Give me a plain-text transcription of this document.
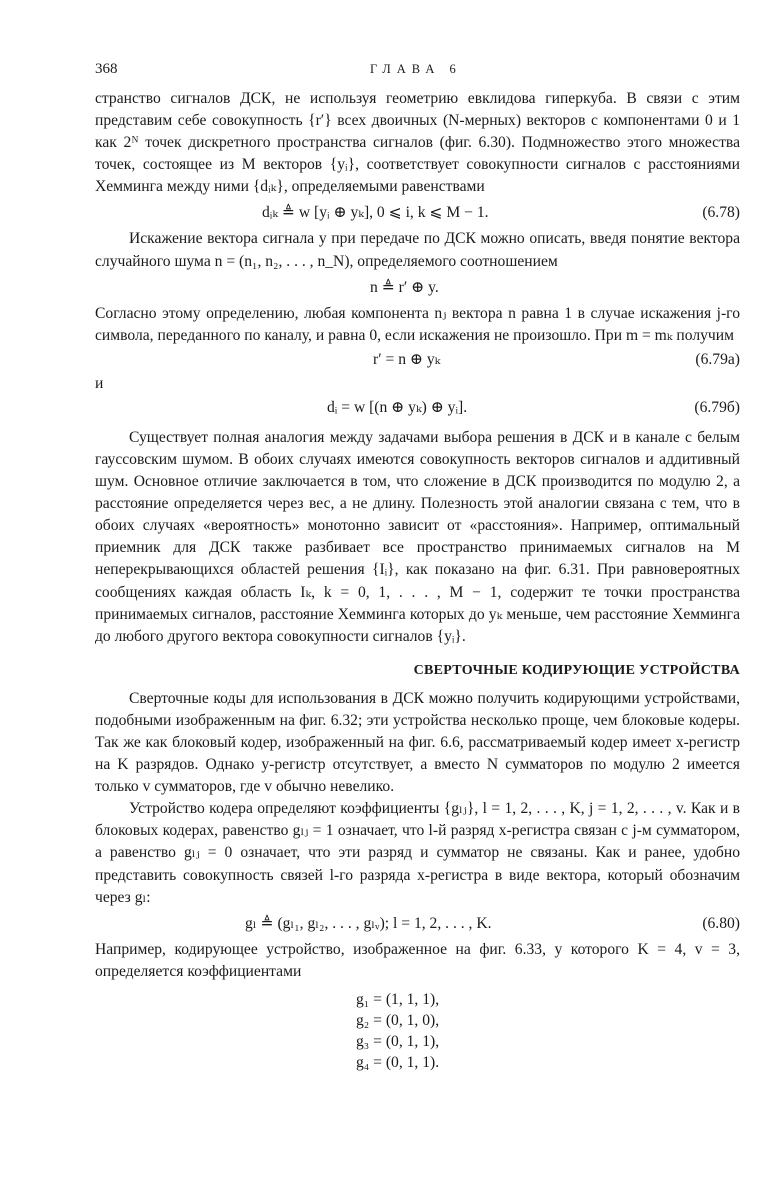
368	ГЛАВА 6

странство сигналов ДСК, не используя геометрию евклидова гиперкуба. В связи с этим представим себе совокупность {r′} всех двоичных (N-мерных) векторов с компонентами 0 и 1 как 2ᴺ точек дискретного пространства сигналов (фиг. 6.30). Подмножество этого множества точек, состоящее из M векторов {yᵢ}, соответствует совокупности сигналов с расстояниями Хемминга между ними {dᵢₖ}, определяемыми равенствами

dᵢₖ ≜ w [yᵢ ⊕ yₖ], 0 ⩽ i, k ⩽ M − 1.	(6.78)

Искажение вектора сигнала y при передаче по ДСК можно описать, введя понятие вектора случайного шума n = (n₁, n₂, . . . , n_N), определяемого соотношением

n ≜ r′ ⊕ y.

Согласно этому определению, любая компонента nⱼ вектора n равна 1 в случае искажения j-го символа, переданного по каналу, и равна 0, если искажения не произошло. При m = mₖ получим

r′ = n ⊕ yₖ	(6.79а)
и
dᵢ = w [(n ⊕ yₖ) ⊕ yᵢ].	(6.79б)

Существует полная аналогия между задачами выбора решения в ДСК и в канале с белым гауссовским шумом. В обоих случаях имеются совокупность векторов сигналов и аддитивный шум. Основное отличие заключается в том, что сложение в ДСК производится по модулю 2, а расстояние определяется через вес, а не длину. Полезность этой аналогии связана с тем, что в обоих случаях «вероятность» монотонно зависит от «расстояния». Например, оптимальный приемник для ДСК также разбивает все пространство принимаемых сигналов на M неперекрывающихся областей решения {Iᵢ}, как показано на фиг. 6.31. При равновероятных сообщениях каждая область Iₖ, k = 0, 1, . . . , M − 1, содержит те точки пространства принимаемых сигналов, расстояние Хемминга которых до yₖ меньше, чем расстояние Хемминга до любого другого вектора совокупности сигналов {yᵢ}.

СВЕРТОЧНЫЕ КОДИРУЮЩИЕ УСТРОЙСТВА

Сверточные коды для использования в ДСК можно получить кодирующими устройствами, подобными изображенным на фиг. 6.32; эти устройства несколько проще, чем блоковые кодеры. Так же как блоковый кодер, изображенный на фиг. 6.6, рассматриваемый кодер имеет x-регистр на K разрядов. Однако y-регистр отсутствует, а вместо N сумматоров по модулю 2 имеется только v сумматоров, где v обычно невелико.

Устройство кодера определяют коэффициенты {gₗⱼ}, l = 1, 2, . . . , K, j = 1, 2, . . . , v. Как и в блоковых кодерах, равенство gₗⱼ = 1 означает, что l-й разряд x-регистра связан с j-м сумматором, а равенство gₗⱼ = 0 означает, что эти разряд и сумматор не связаны. Как и ранее, удобно представить совокупность связей l-го разряда x-регистра в виде вектора, который обозначим через gₗ:

gₗ ≜ (gₗ₁, gₗ₂, . . . , gₗᵥ); l = 1, 2, . . . , K.	(6.80)

Например, кодирующее устройство, изображенное на фиг. 6.33, у которого K = 4, v = 3, определяется коэффициентами

g₁ = (1, 1, 1),
g₂ = (0, 1, 0),
g₃ = (0, 1, 1),
g₄ = (0, 1, 1).
